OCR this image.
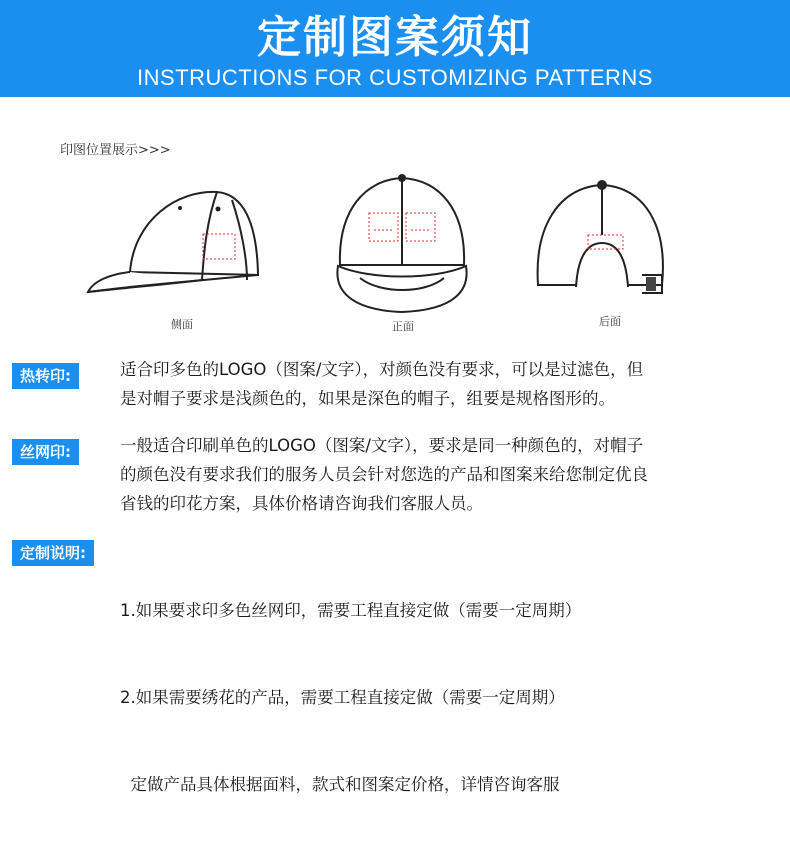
定制图案须知
INSTRUCTIONS FOR CUSTOMIZING PATTERNS
印图位置展示>>>
侧面	正面	后面
热转印:	适合印多色的LOGO（图案/文字），对颜色没有要求，可以是过滤色，但
是对帽子要求是浅颜色的，如果是深色的帽子，组要是规格图形的。
丝网印:	一般适合印刷单色的LOGO（图案/文字），要求是同一种颜色的，对帽子
的颜色没有要求我们的服务人员会针对您选的产品和图案来给您制定优良
省钱的印花方案，具体价格请咨询我们客服人员。
定制说明:

1.如果要求印多色丝网印，需要工程直接定做（需要一定周期）

2.如果需要绣花的产品，需要工程直接定做（需要一定周期）

定做产品具体根据面料，款式和图案定价格，详情咨询客服
